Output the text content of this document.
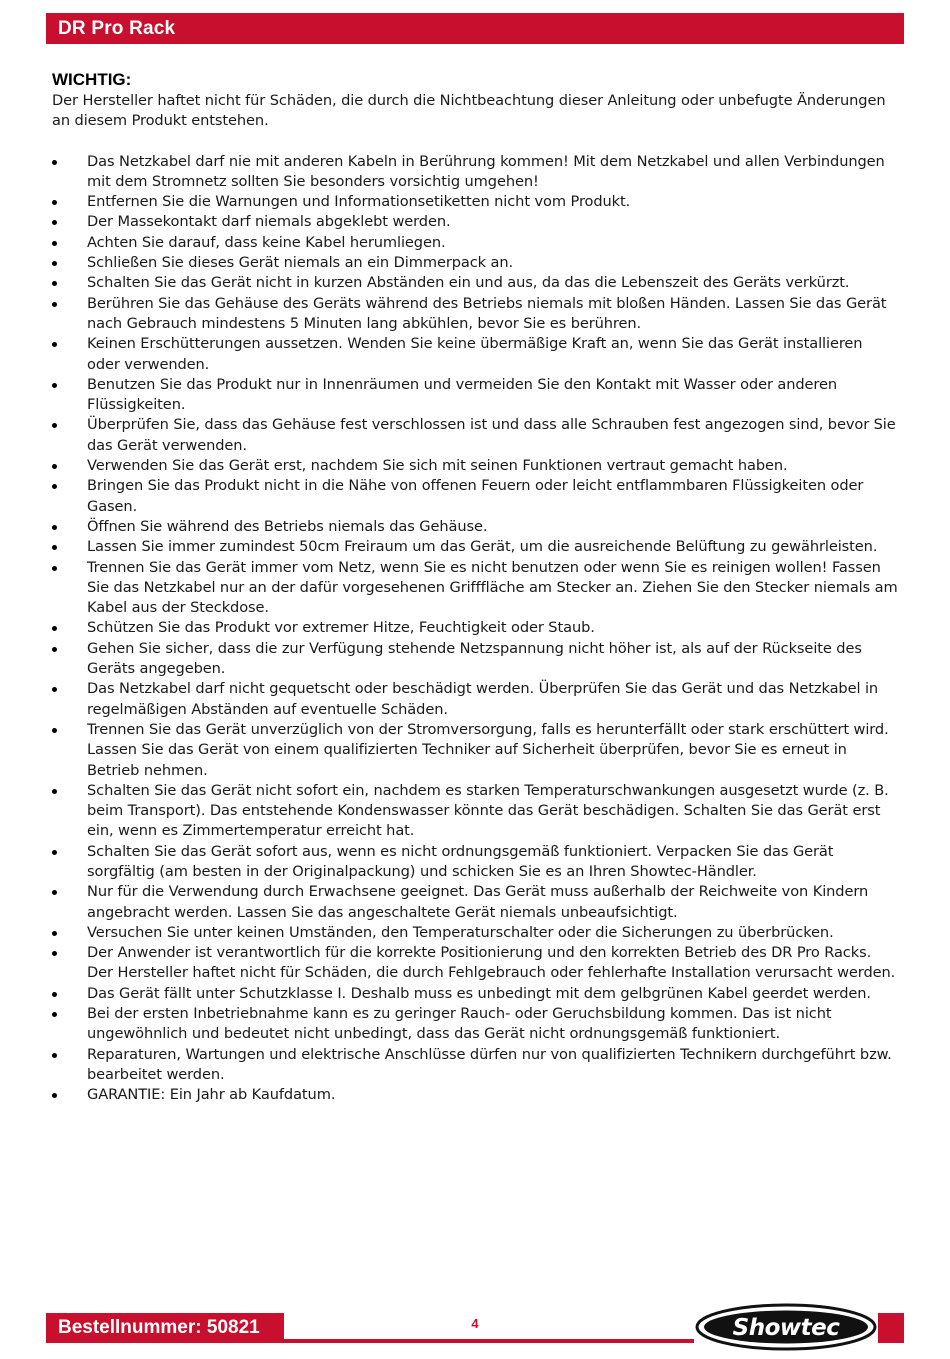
DR Pro Rack

WICHTIG:

Der Hersteller haftet nicht für Schäden, die durch die Nichtbeachtung dieser Anleitung oder unbefugte Änderungen an diesem Produkt entstehen.

Das Netzkabel darf nie mit anderen Kabeln in Berührung kommen! Mit dem Netzkabel und allen Verbindungen mit dem Stromnetz sollten Sie besonders vorsichtig umgehen!
Entfernen Sie die Warnungen und Informationsetiketten nicht vom Produkt.
Der Massekontakt darf niemals abgeklebt werden.
Achten Sie darauf, dass keine Kabel herumliegen.
Schließen Sie dieses Gerät niemals an ein Dimmerpack an.
Schalten Sie das Gerät nicht in kurzen Abständen ein und aus, da das die Lebenszeit des Geräts verkürzt.
Berühren Sie das Gehäuse des Geräts während des Betriebs niemals mit bloßen Händen. Lassen Sie das Gerät nach Gebrauch mindestens 5 Minuten lang abkühlen, bevor Sie es berühren.
Keinen Erschütterungen aussetzen. Wenden Sie keine übermäßige Kraft an, wenn Sie das Gerät installieren oder verwenden.
Benutzen Sie das Produkt nur in Innenräumen und vermeiden Sie den Kontakt mit Wasser oder anderen Flüssigkeiten.
Überprüfen Sie, dass das Gehäuse fest verschlossen ist und dass alle Schrauben fest angezogen sind, bevor Sie das Gerät verwenden.
Verwenden Sie das Gerät erst, nachdem Sie sich mit seinen Funktionen vertraut gemacht haben.
Bringen Sie das Produkt nicht in die Nähe von offenen Feuern oder leicht entflammbaren Flüssigkeiten oder Gasen.
Öffnen Sie während des Betriebs niemals das Gehäuse.
Lassen Sie immer zumindest 50cm Freiraum um das Gerät, um die ausreichende Belüftung zu gewährleisten.
Trennen Sie das Gerät immer vom Netz, wenn Sie es nicht benutzen oder wenn Sie es reinigen wollen! Fassen Sie das Netzkabel nur an der dafür vorgesehenen Grifffläche am Stecker an. Ziehen Sie den Stecker niemals am Kabel aus der Steckdose.
Schützen Sie das Produkt vor extremer Hitze, Feuchtigkeit oder Staub.
Gehen Sie sicher, dass die zur Verfügung stehende Netzspannung nicht höher ist, als auf der Rückseite des Geräts angegeben.
Das Netzkabel darf nicht gequetscht oder beschädigt werden. Überprüfen Sie das Gerät und das Netzkabel in regelmäßigen Abständen auf eventuelle Schäden.
Trennen Sie das Gerät unverzüglich von der Stromversorgung, falls es herunterfällt oder stark erschüttert wird. Lassen Sie das Gerät von einem qualifizierten Techniker auf Sicherheit überprüfen, bevor Sie es erneut in Betrieb nehmen.
Schalten Sie das Gerät nicht sofort ein, nachdem es starken Temperaturschwankungen ausgesetzt wurde (z. B. beim Transport). Das entstehende Kondenswasser könnte das Gerät beschädigen. Schalten Sie das Gerät erst ein, wenn es Zimmertemperatur erreicht hat.
Schalten Sie das Gerät sofort aus, wenn es nicht ordnungsgemäß funktioniert. Verpacken Sie das Gerät sorgfältig (am besten in der Originalpackung) und schicken Sie es an Ihren Showtec-Händler.
Nur für die Verwendung durch Erwachsene geeignet. Das Gerät muss außerhalb der Reichweite von Kindern angebracht werden. Lassen Sie das angeschaltete Gerät niemals unbeaufsichtigt.
Versuchen Sie unter keinen Umständen, den Temperaturschalter oder die Sicherungen zu überbrücken.
Der Anwender ist verantwortlich für die korrekte Positionierung und den korrekten Betrieb des DR Pro Racks. Der Hersteller haftet nicht für Schäden, die durch Fehlgebrauch oder fehlerhafte Installation verursacht werden.
Das Gerät fällt unter Schutzklasse I. Deshalb muss es unbedingt mit dem gelbgrünen Kabel geerdet werden.
Bei der ersten Inbetriebnahme kann es zu geringer Rauch- oder Geruchsbildung kommen. Das ist nicht ungewöhnlich und bedeutet nicht unbedingt, dass das Gerät nicht ordnungsgemäß funktioniert.
Reparaturen, Wartungen und elektrische Anschlüsse dürfen nur von qualifizierten Technikern durchgeführt bzw. bearbeitet werden.
GARANTIE: Ein Jahr ab Kaufdatum.
Bestellnummer: 50821	4	Showtec
